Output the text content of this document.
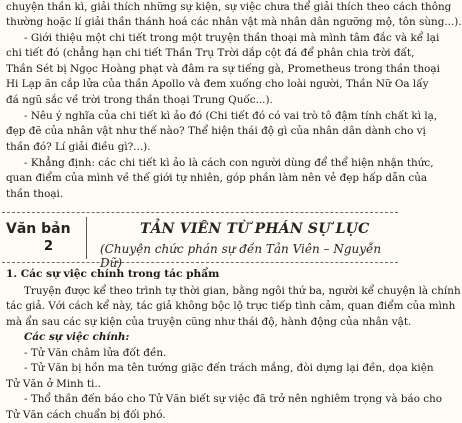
chuyện thần kì, giải thích những sự kiện, sự việc chưa thể giải thích theo cách thông
thường hoặc lí giải thần thánh hoá các nhân vật mà nhân dân ngưỡng mộ, tôn sùng...).
- Giới thiệu một chi tiết trong một truyện thần thoại mà mình tâm đắc và kể lại
chi tiết đó (chẳng hạn chi tiết Thần Trụ Trời dắp cột đá để phân chia trời đất,
Thần Sét bị Ngọc Hoàng phạt và đâm ra sự tiếng gà, Prometheus trong thần thoại
Hi Lạp ăn cắp lửa của thần Apollo và đem xuống cho loài người, Thần Nữ Oa lấy
đá ngũ sắc về trời trong thần thoại Trung Quốc...).
- Nêu ý nghĩa của chi tiết kì ảo đó (Chi tiết đó có vai trò tô đậm tính chất kì lạ,
đẹp đẽ của nhân vật như thế nào? Thể hiện thái độ gì của nhân dân dành cho vị
thần đó? Lí giải điều gì?...).
- Khẳng định: các chi tiết kì ảo là cách con người dùng để thể hiện nhận thức,
quan điểm của mình về thế giới tự nhiên, góp phần làm nên vẻ đẹp hấp dẫn của
thần thoại.
Văn bản
2
TẢN VIÊN TỪ PHÁN SỰ LỤC
(Chuyện chức phán sự đền Tản Viên – Nguyễn Dữ)
1. Các sự việc chính trong tác phẩm
Truyện được kể theo trình tự thời gian, bằng ngôi thứ ba, người kể chuyện là chính
tác giả. Với cách kể này, tác giả không bộc lộ trực tiếp tình cảm, quan điểm của mình
mà ẩn sau các sự kiện của truyện cũng như thái độ, hành động của nhân vật.
Các sự việc chính:
- Tử Văn châm lửa đốt đền.
- Tử Văn bị hồn ma tên tướng giặc đến trách mắng, đòi dựng lại đền, dọa kiện
Tử Văn ở Minh ti..
- Thổ thần đến báo cho Tử Văn biết sự việc đã trở nên nghiêm trọng và báo cho
Tử Văn cách chuẩn bị đối phó.
